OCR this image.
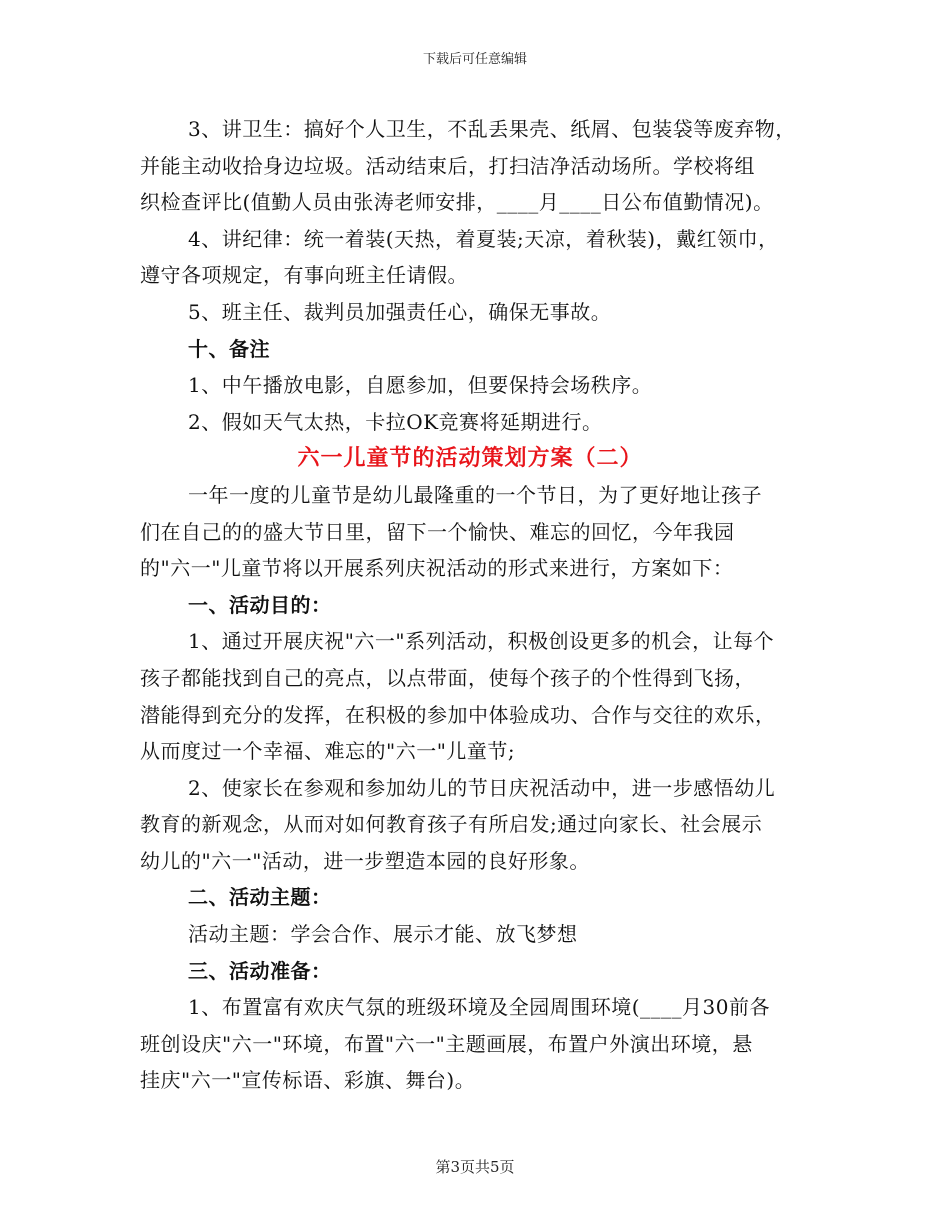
下载后可任意编辑
3、讲卫生：搞好个人卫生，不乱丢果壳、纸屑、包装袋等废弃物，
并能主动收拾身边垃圾。活动结束后，打扫洁净活动场所。学校将组
织检查评比(值勤人员由张涛老师安排，____月____日公布值勤情况)。
4、讲纪律：统一着装(天热，着夏装;天凉，着秋装)，戴红领巾，
遵守各项规定，有事向班主任请假。
5、班主任、裁判员加强责任心，确保无事故。
十、备注
1、中午播放电影，自愿参加，但要保持会场秩序。
2、假如天气太热，卡拉OK竞赛将延期进行。
六一儿童节的活动策划方案（二）
一年一度的儿童节是幼儿最隆重的一个节日，为了更好地让孩子
们在自己的的盛大节日里，留下一个愉快、难忘的回忆，今年我园
的"六一"儿童节将以开展系列庆祝活动的形式来进行，方案如下：
一、活动目的：
1、通过开展庆祝"六一"系列活动，积极创设更多的机会，让每个
孩子都能找到自己的亮点，以点带面，使每个孩子的个性得到飞扬，
潜能得到充分的发挥，在积极的参加中体验成功、合作与交往的欢乐，
从而度过一个幸福、难忘的"六一"儿童节;
2、使家长在参观和参加幼儿的节日庆祝活动中，进一步感悟幼儿
教育的新观念，从而对如何教育孩子有所启发;通过向家长、社会展示
幼儿的"六一"活动，进一步塑造本园的良好形象。
二、活动主题：
活动主题：学会合作、展示才能、放飞梦想
三、活动准备：
1、布置富有欢庆气氛的班级环境及全园周围环境(____月30前各
班创设庆"六一"环境，布置"六一"主题画展，布置户外演出环境，悬
挂庆"六一"宣传标语、彩旗、舞台)。
第3页共5页
